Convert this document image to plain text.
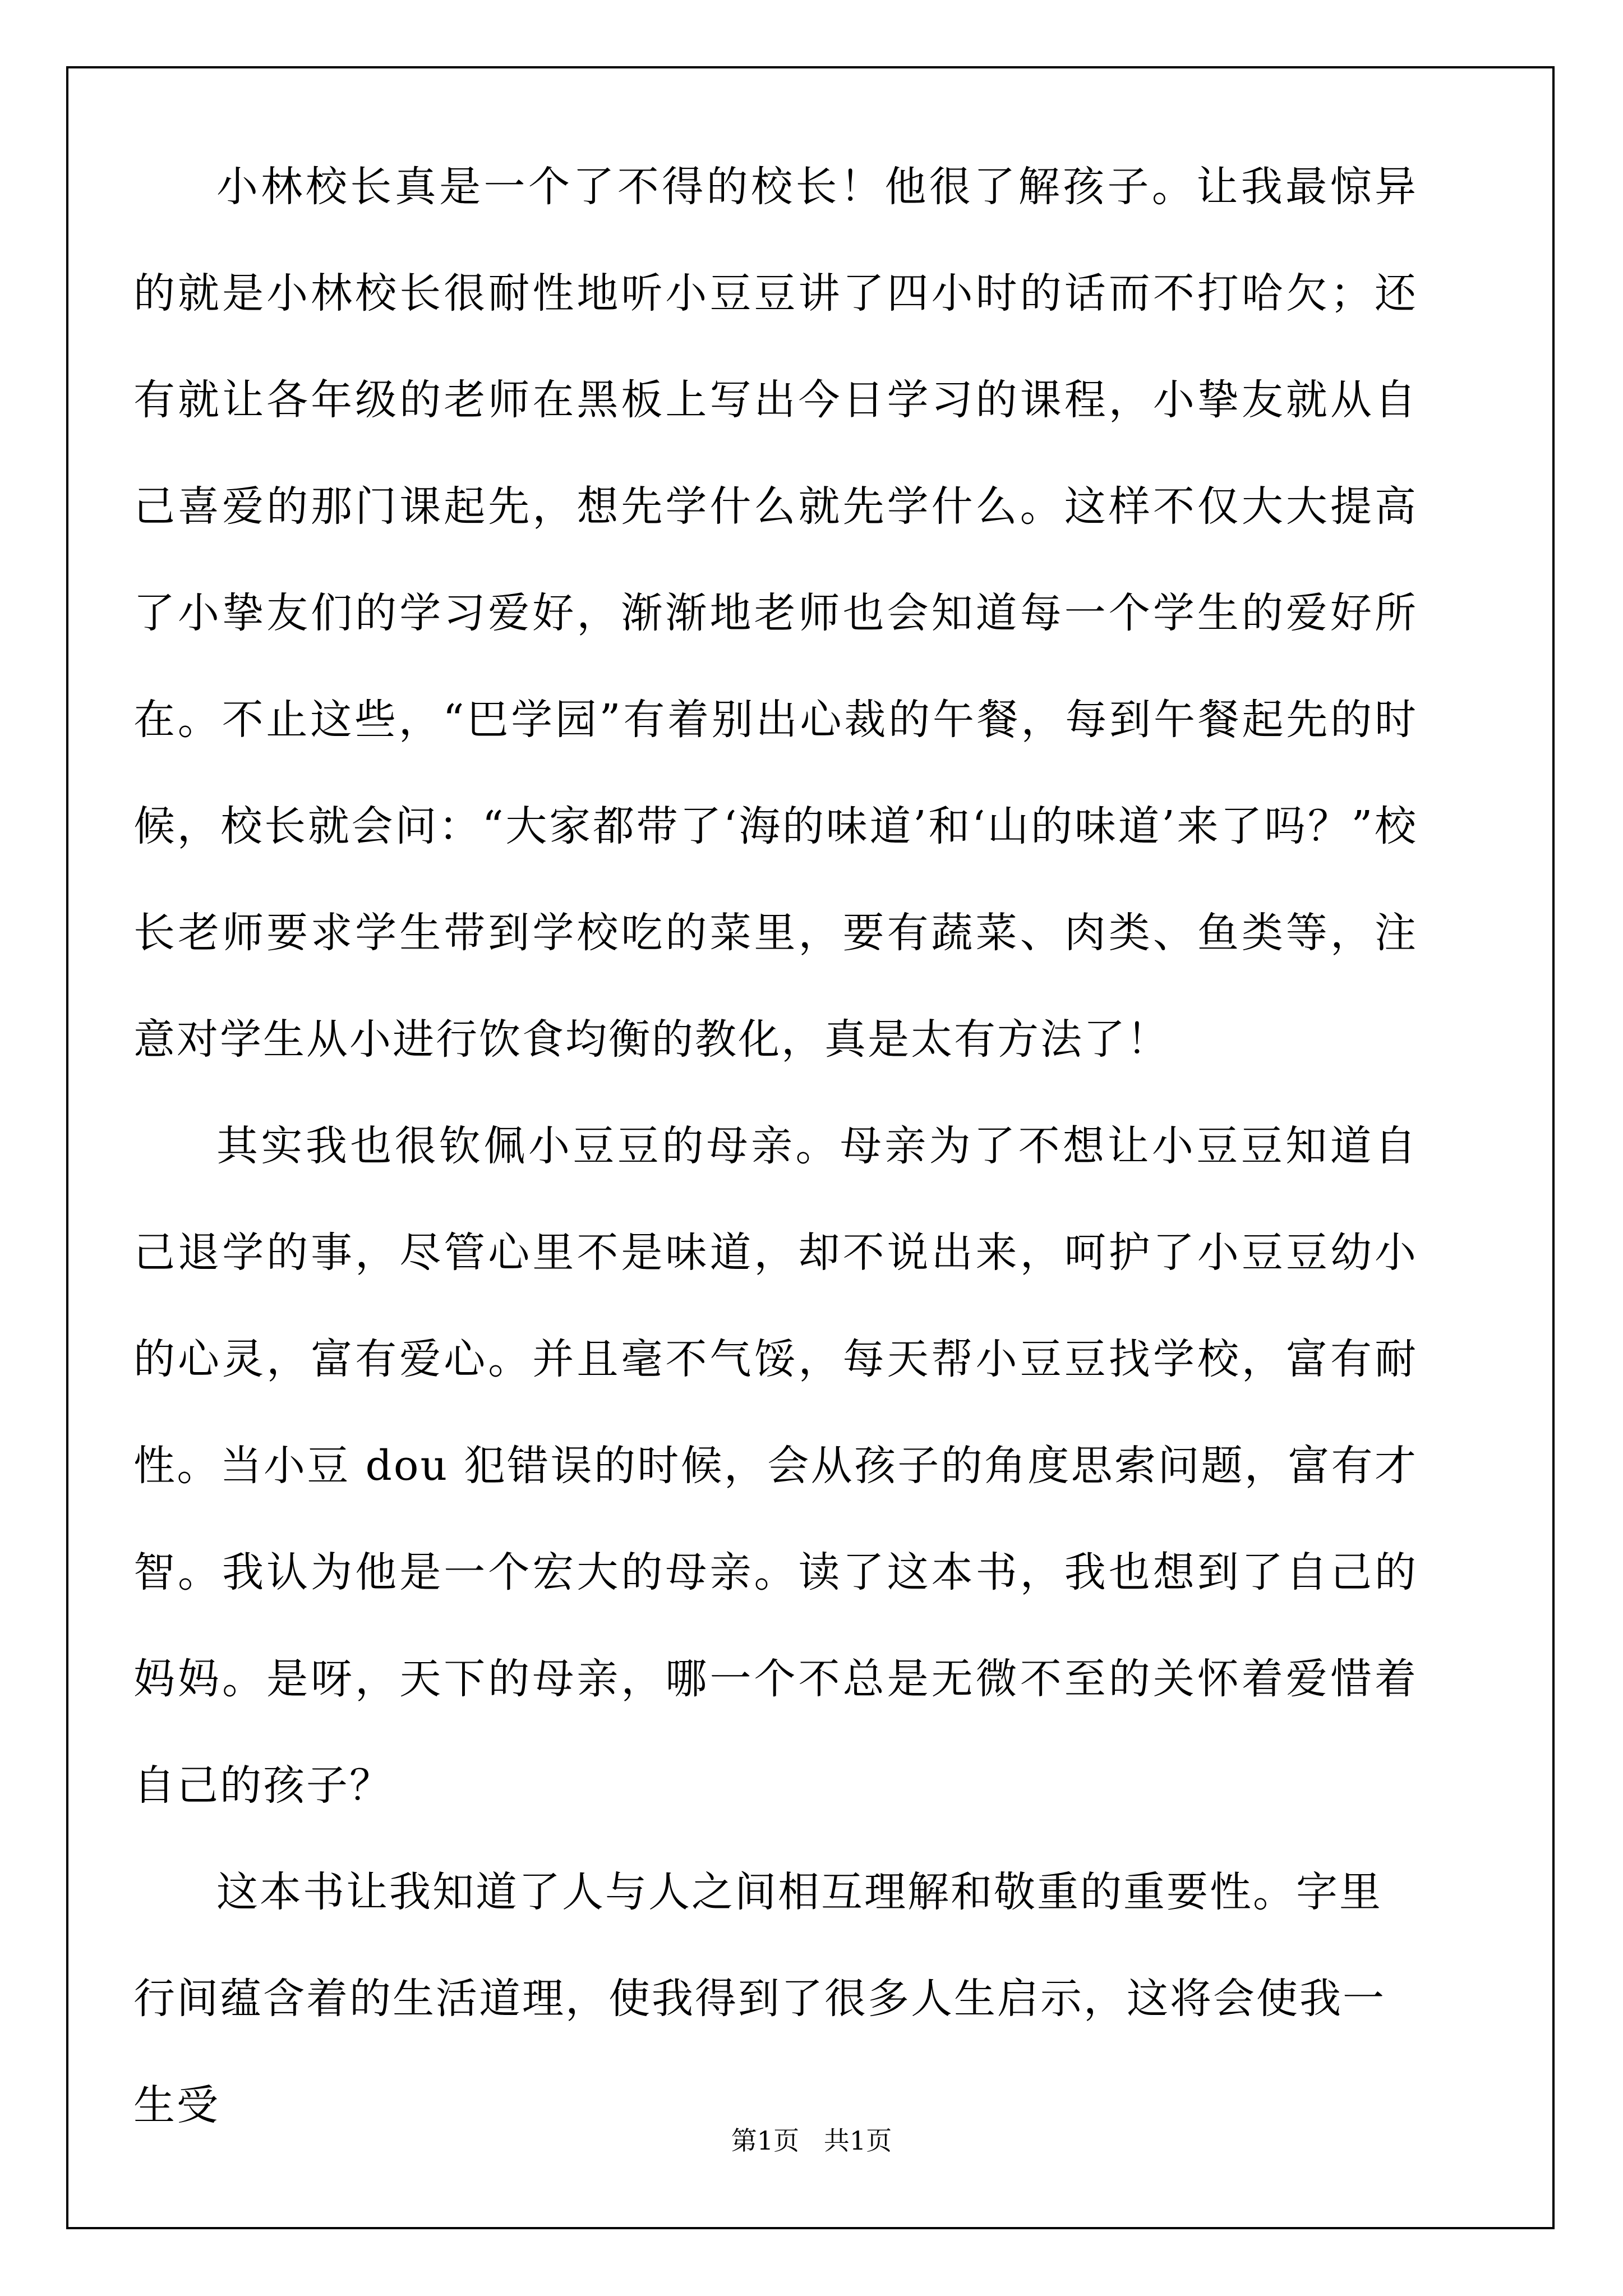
小林校长真是一个了不得的校长！他很了解孩子。让我最惊异的就是小林校长很耐性地听小豆豆讲了四小时的话而不打哈欠；还有就让各年级的老师在黑板上写出今日学习的课程，小挚友就从自己喜爱的那门课起先，想先学什么就先学什么。这样不仅大大提高了小挚友们的学习爱好，渐渐地老师也会知道每一个学生的爱好所在。不止这些，“巴学园”有着别出心裁的午餐，每到午餐起先的时候，校长就会问：“大家都带了‘海的味道’和‘山的味道’来了吗？”校长老师要求学生带到学校吃的菜里，要有蔬菜、肉类、鱼类等，注意对学生从小进行饮食均衡的教化，真是太有方法了！

其实我也很钦佩小豆豆的母亲。母亲为了不想让小豆豆知道自己退学的事，尽管心里不是味道，却不说出来，呵护了小豆豆幼小的心灵，富有爱心。并且毫不气馁，每天帮小豆豆找学校，富有耐性。当小豆 dou 犯错误的时候，会从孩子的角度思索问题，富有才智。我认为他是一个宏大的母亲。读了这本书，我也想到了自己的妈妈。是呀，天下的母亲，哪一个不总是无微不至的关怀着爱惜着自己的孩子？

这本书让我知道了人与人之间相互理解和敬重的重要性。字里行间蕴含着的生活道理，使我得到了很多人生启示，这将会使我一生受

第1页   共1页
